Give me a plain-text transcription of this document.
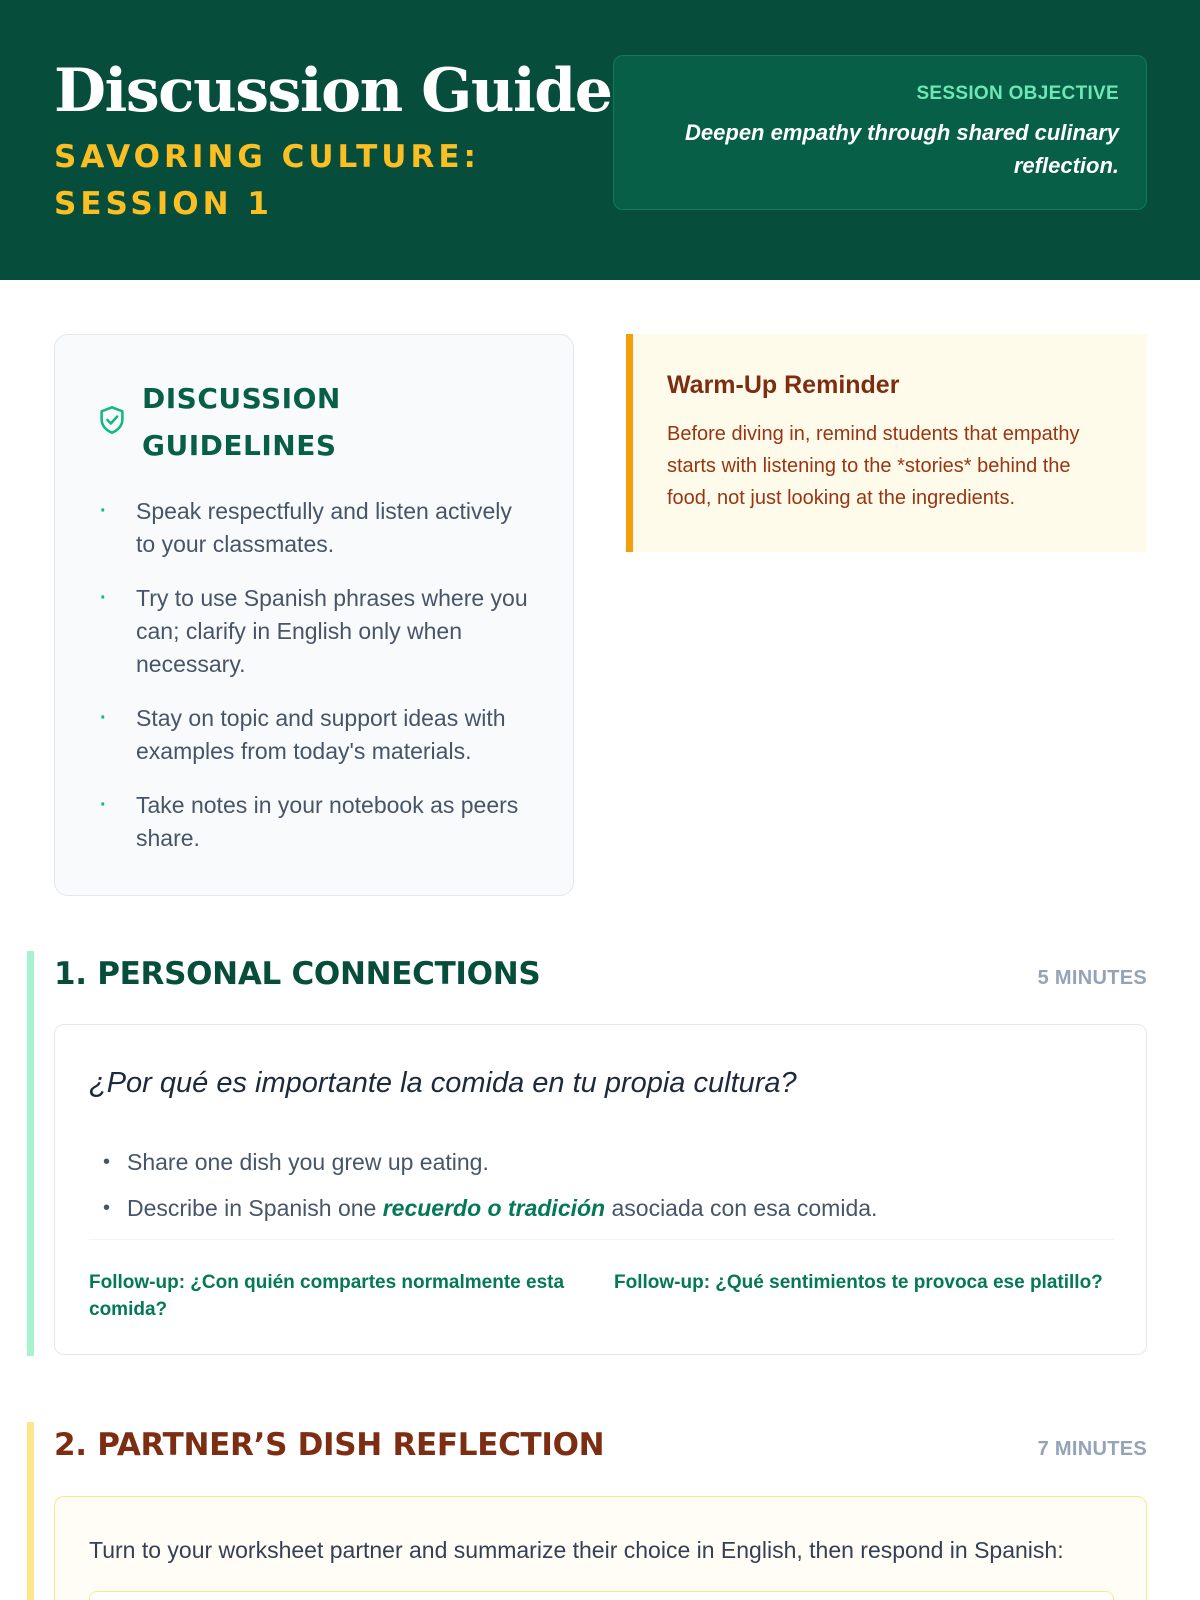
Discussion Guide
SAVORING CULTURE: SESSION 1
SESSION OBJECTIVE
Deepen empathy through shared culinary reflection.
DISCUSSION GUIDELINES
·	Speak respectfully and listen actively to your classmates.
·	Try to use Spanish phrases where you can; clarify in English only when necessary.
·	Stay on topic and support ideas with examples from today's materials.
·	Take notes in your notebook as peers share.
Warm-Up Reminder
Before diving in, remind students that empathy starts with listening to the *stories* behind the food, not just looking at the ingredients.
1. PERSONAL CONNECTIONS	5 MINUTES
¿Por qué es importante la comida en tu propia cultura?
• Share one dish you grew up eating.
• Describe in Spanish one recuerdo o tradición asociada con esa comida.
Follow-up: ¿Con quién compartes normalmente esta comida?
Follow-up: ¿Qué sentimientos te provoca ese platillo?
2. PARTNER’S DISH REFLECTION	7 MINUTES
Turn to your worksheet partner and summarize their choice in English, then respond in Spanish:
